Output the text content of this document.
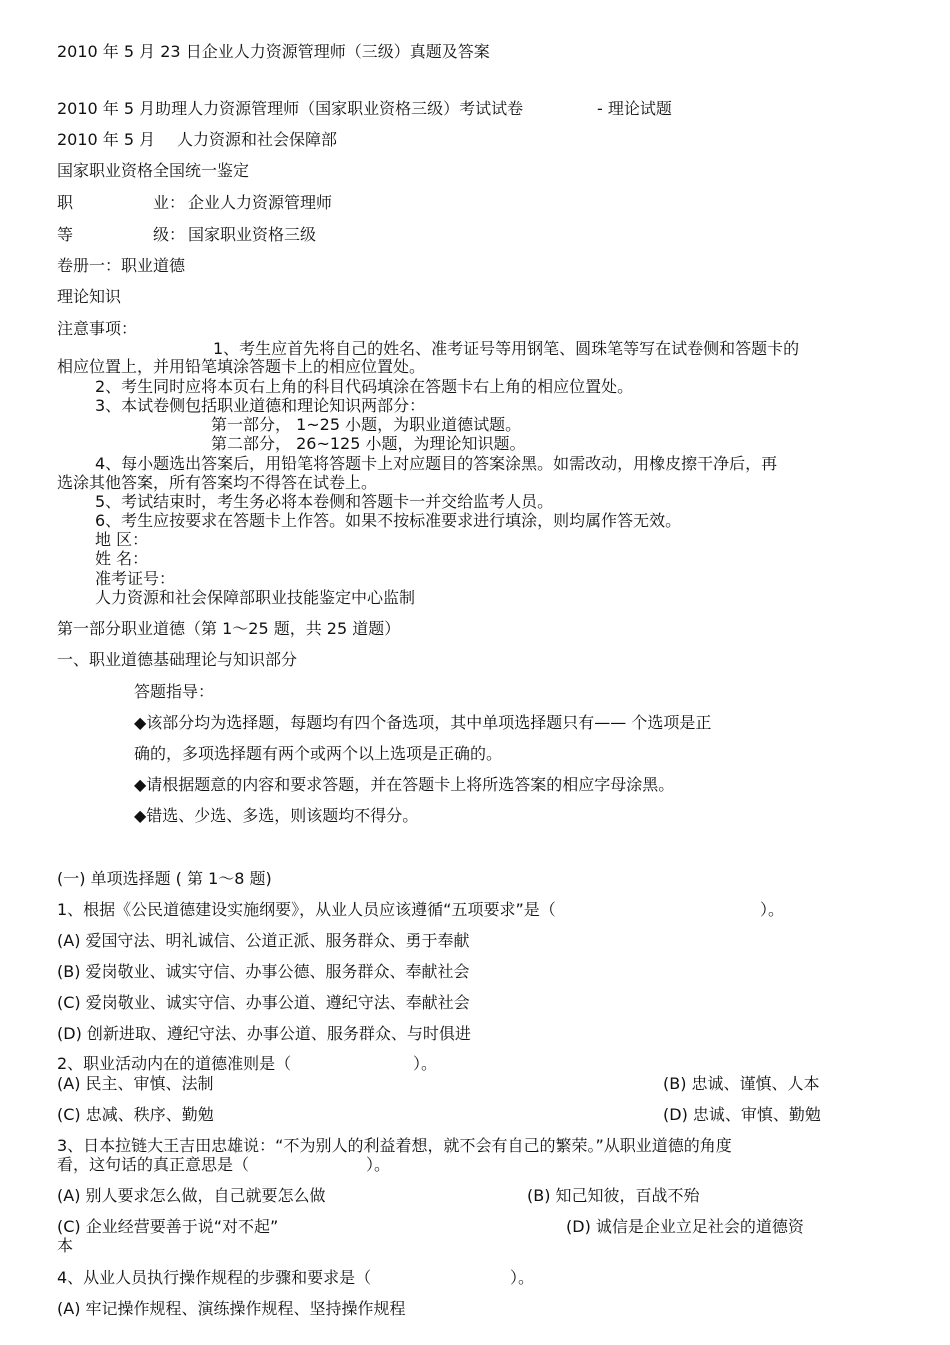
2010 年 5 月 23 日企业人力资源管理师（三级）真题及答案
2010 年 5 月助理人力资源管理师（国家职业资格三级）考试试卷	- 理论试题
2010 年 5 月 人力资源和社会保障部
国家职业资格全国统一鉴定
职	业： 企业人力资源管理师
等	级： 国家职业资格三级
卷册一：职业道德
理论知识
注意事项：
1、考生应首先将自己的姓名、准考证号等用钢笔、圆珠笔等写在试卷侧和答题卡的
相应位置上，并用铅笔填涂答题卡上的相应位置处。
2、考生同时应将本页右上角的科目代码填涂在答题卡右上角的相应位置处。
3、本试卷侧包括职业道德和理论知识两部分：
第一部分， 1~25 小题，为职业道德试题。
第二部分， 26~125 小题，为理论知识题。
4、每小题选出答案后，用铅笔将答题卡上对应题目的答案涂黑。如需改动，用橡皮擦干净后，再
选涂其他答案，所有答案均不得答在试卷上。
5、考试结束时，考生务必将本卷侧和答题卡一并交给监考人员。
6、考生应按要求在答题卡上作答。如果不按标准要求进行填涂，则均属作答无效。
地 区：
姓 名：
准考证号：
人力资源和社会保障部职业技能鉴定中心监制
第一部分职业道德（第 1～25 题，共 25 道题）
一、职业道德基础理论与知识部分
答题指导：
◆该部分均为选择题，每题均有四个备选项，其中单项选择题只有—— 个选项是正
确的，多项选择题有两个或两个以上选项是正确的。
◆请根据题意的内容和要求答题，并在答题卡上将所选答案的相应字母涂黑。
◆错选、少选、多选，则该题均不得分。
(一) 单项选择题 ( 第 1～8 题)
1、根据《公民道德建设实施纲要》，从业人员应该遵循“五项要求”是（	）。
(A) 爱国守法、明礼诚信、公道正派、服务群众、勇于奉献
(B) 爱岗敬业、诚实守信、办事公德、服务群众、奉献社会
(C) 爱岗敬业、诚实守信、办事公道、遵纪守法、奉献社会
(D) 创新进取、遵纪守法、办事公道、服务群众、与时俱进
2、职业活动内在的道德准则是（	）。
(A) 民主、审慎、法制	(B) 忠诚、谨慎、人本
(C) 忠减、秩序、勤勉	(D) 忠诚、审慎、勤勉
3、日本拉链大王吉田忠雄说：“不为别人的利益着想，就不会有自己的繁荣。”从职业道德的角度
看，这句话的真正意思是（	）。
(A) 别人要求怎么做，自己就要怎么做	(B) 知己知彼，百战不殆
(C) 企业经营要善于说“对不起”	(D) 诚信是企业立足社会的道德资
本
4、从业人员执行操作规程的步骤和要求是（	）。
(A) 牢记操作规程、演练操作规程、坚持操作规程
